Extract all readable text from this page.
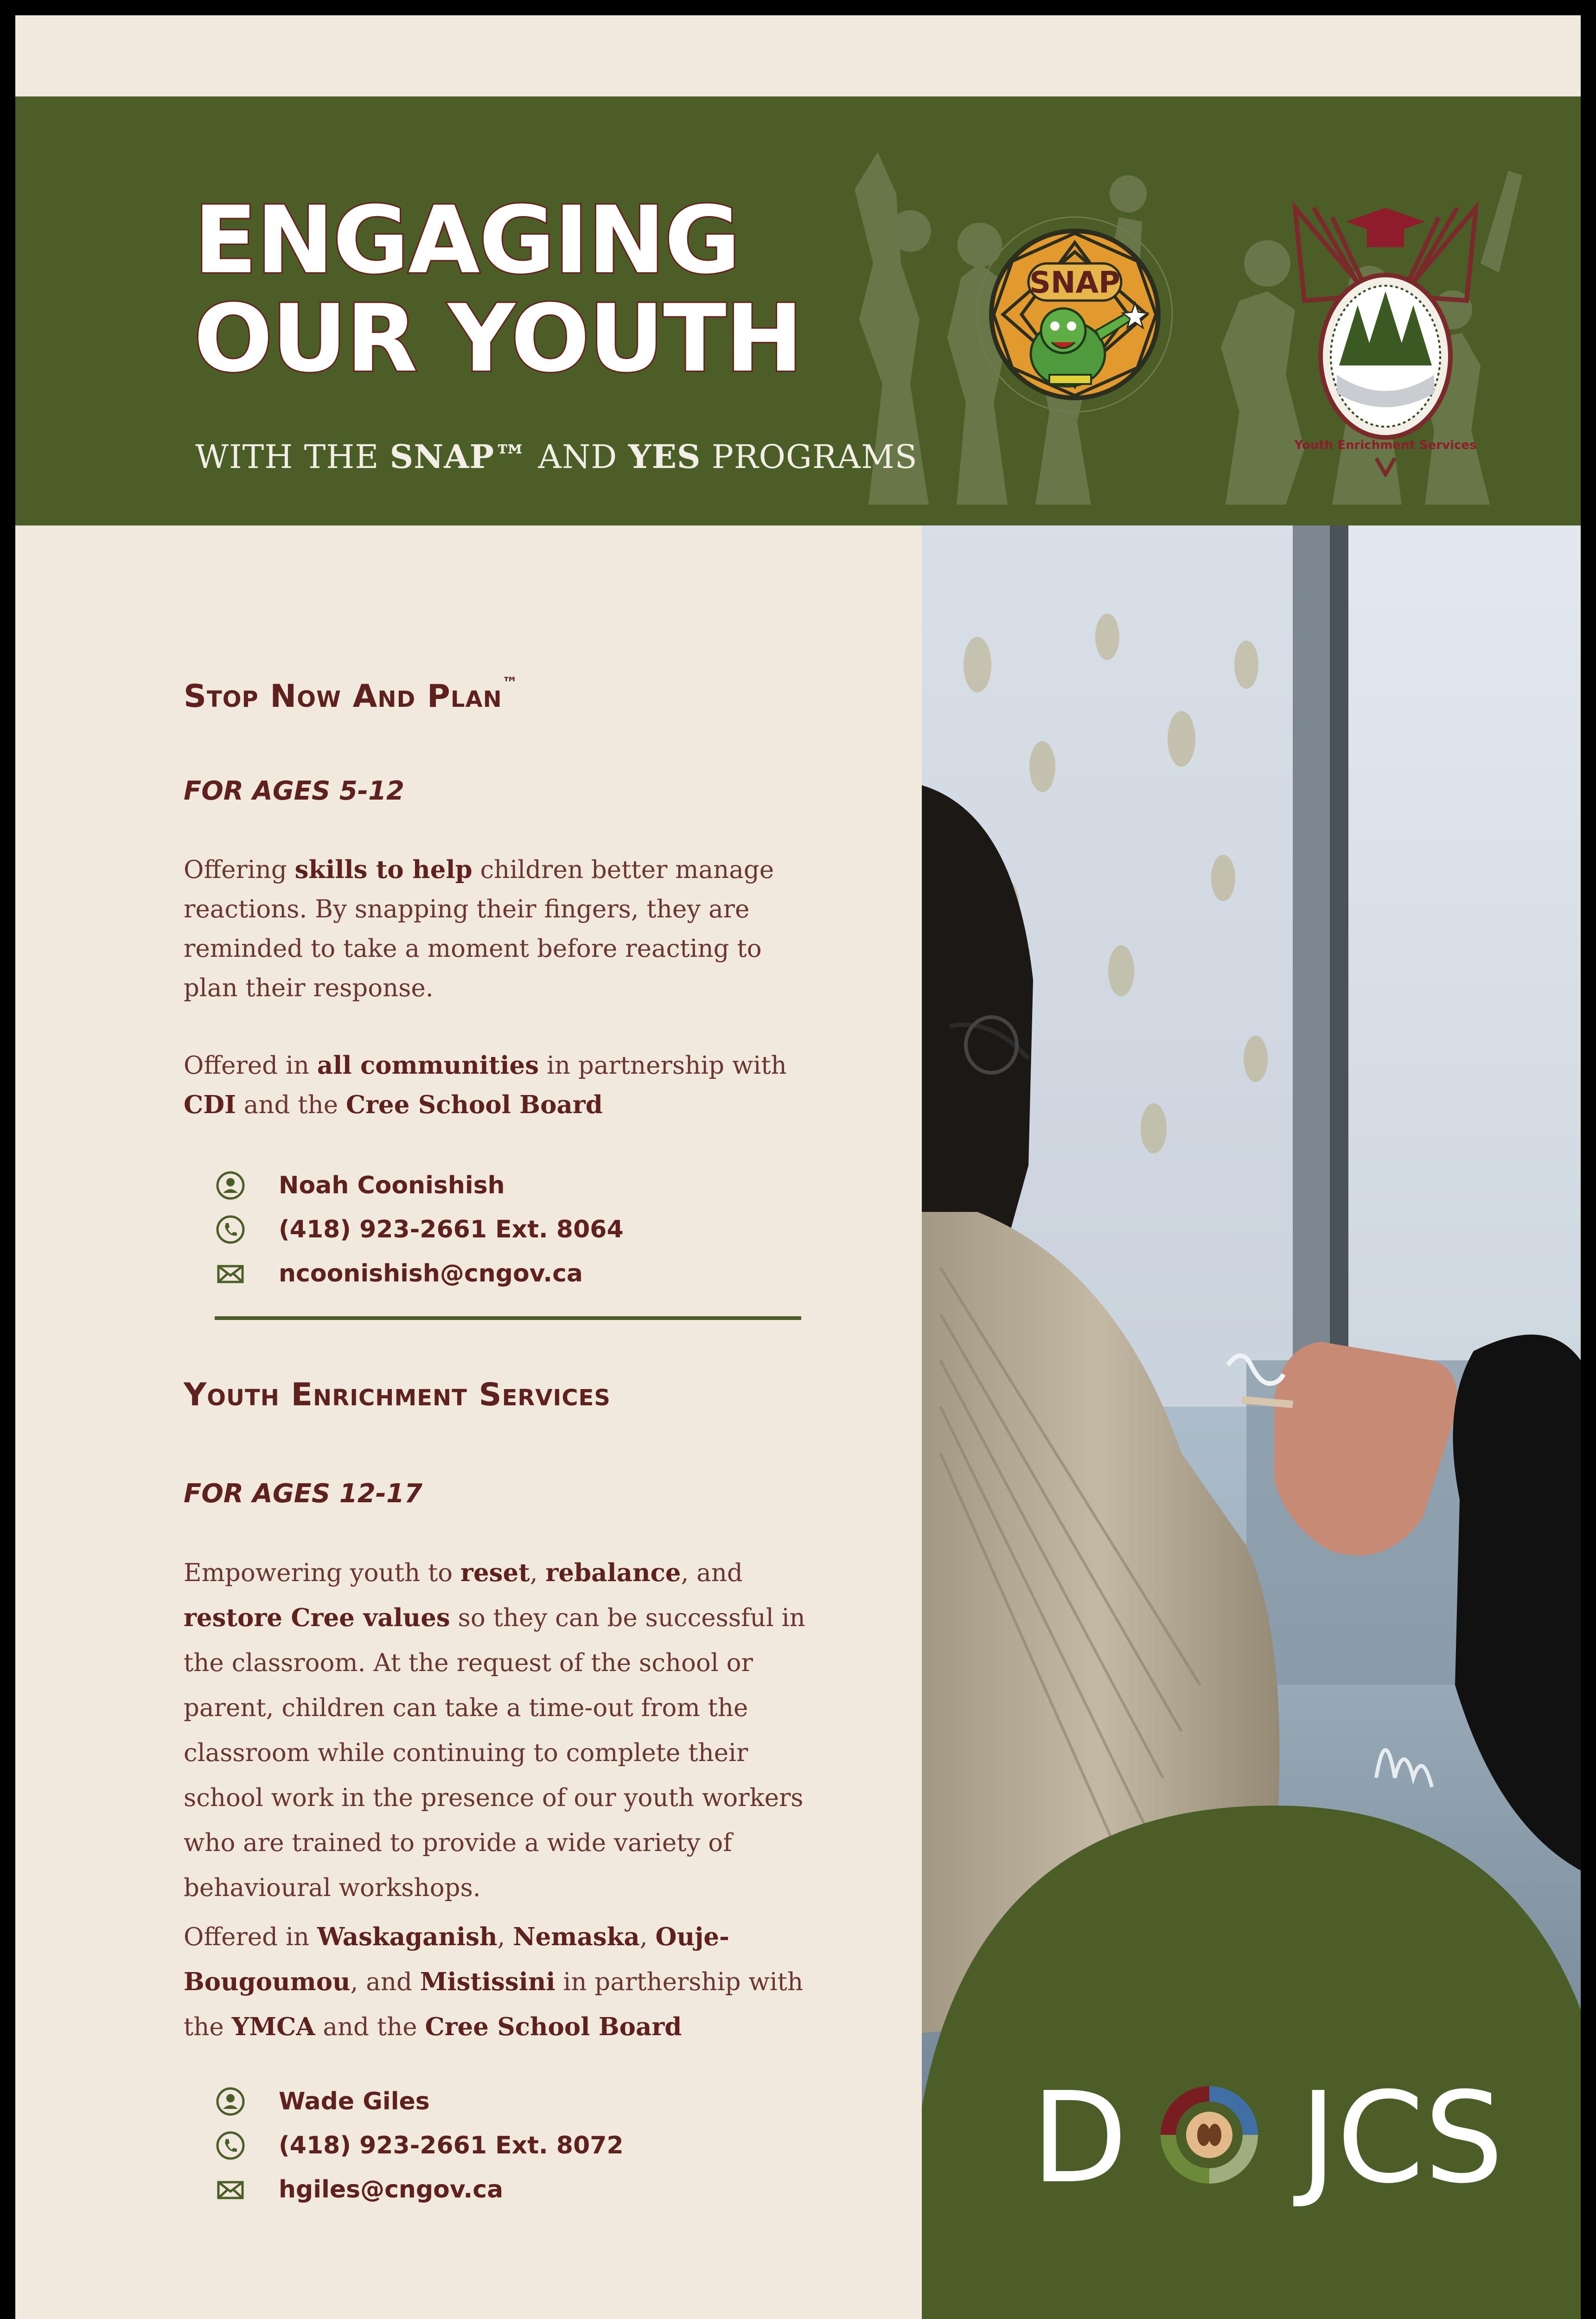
ENGAGING
OUR YOUTH

WITH THE SNAP™ AND YES PROGRAMS

SNAP
Youth Enrichment Services
D JCS
Stop Now And Plan™

FOR AGES 5-12

Offering skills to help children better manage reactions. By snapping their fingers, they are reminded to take a moment before reacting to plan their response.

Offered in all communities in partnership with CDI and the Cree School Board

Noah Coonishish
(418) 923-2661 Ext. 8064
ncoonishish@cngov.ca
Youth Enrichment Services

FOR AGES 12-17

Empowering youth to reset, rebalance, and restore Cree values so they can be successful in the classroom. At the request of the school or parent, children can take a time-out from the classroom while continuing to complete their school work in the presence of our youth workers who are trained to provide a wide variety of behavioural workshops.

Offered in Waskaganish, Nemaska, Ouje-Bougoumou, and Mistissini in parthership with the YMCA and the Cree School Board

Wade Giles
(418) 923-2661 Ext. 8072
hgiles@cngov.ca
